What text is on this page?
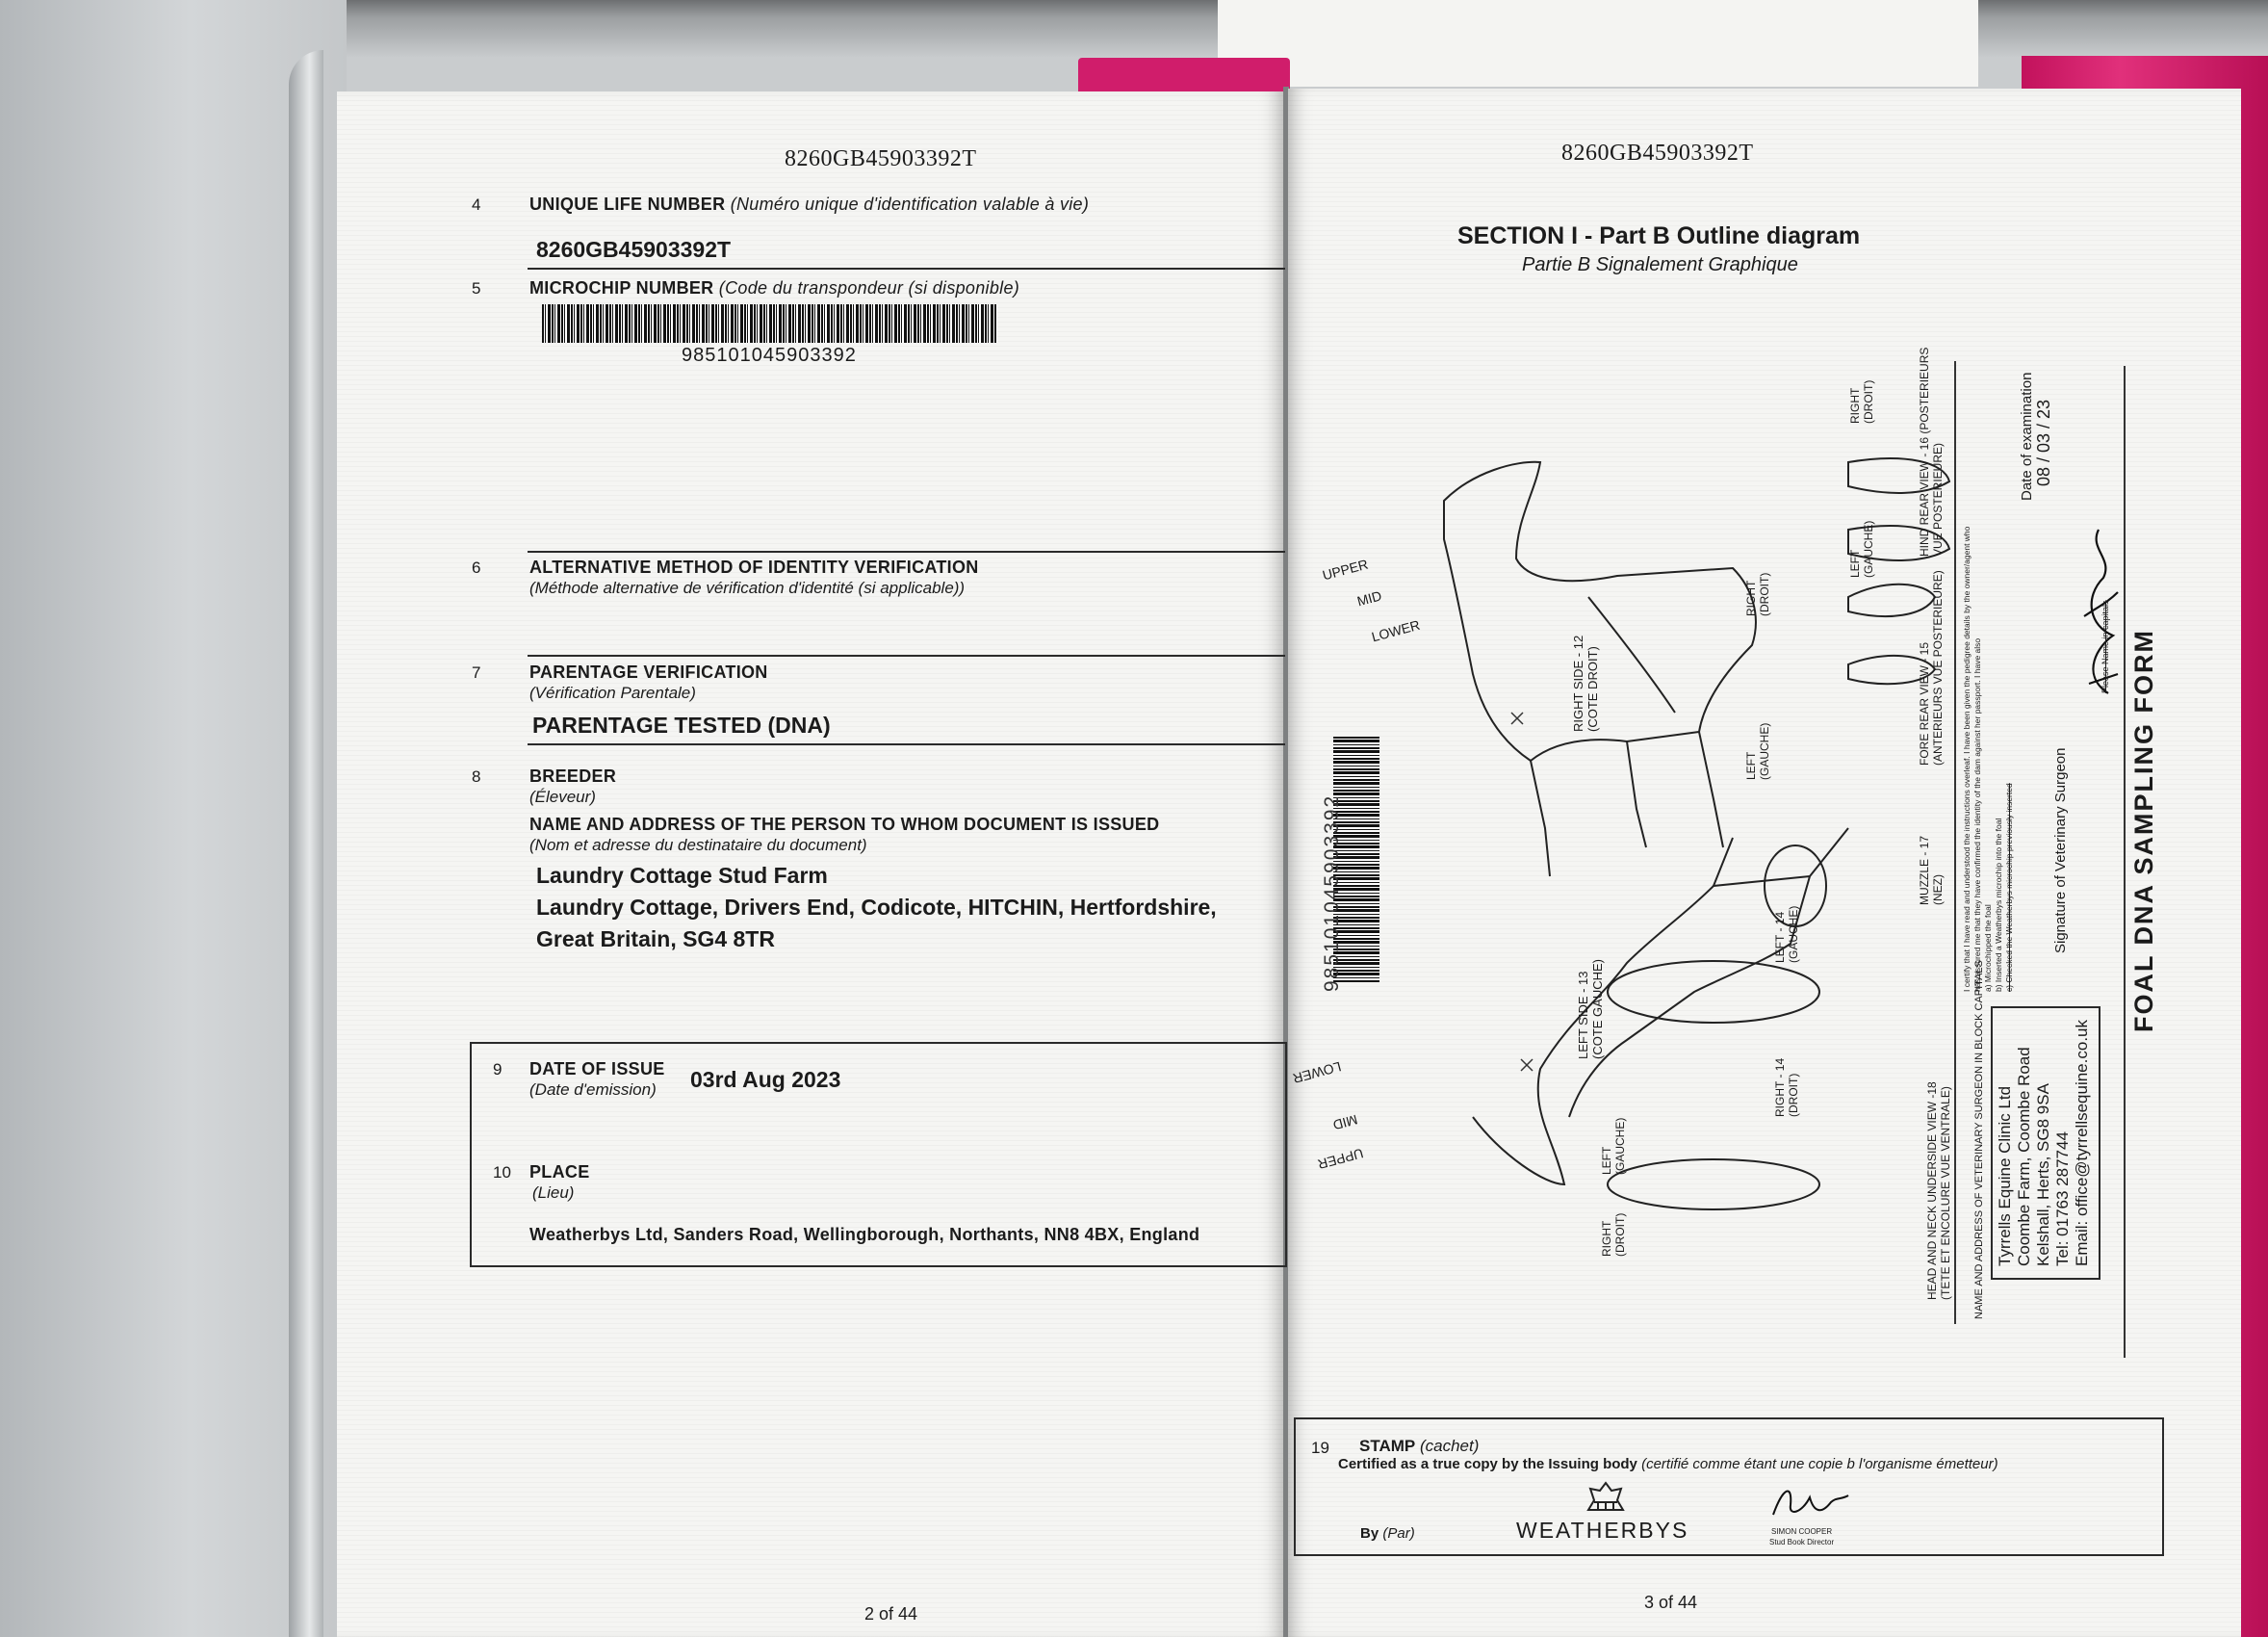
8260GB45903392T
4	UNIQUE LIFE NUMBER (Numéro unique d'identification valable à vie)
8260GB45903392T
5	MICROCHIP NUMBER (Code du transpondeur (si disponible)
985101045903392
6	ALTERNATIVE METHOD OF IDENTITY VERIFICATION
(Méthode alternative de vérification d'identité (si applicable))
7	PARENTAGE VERIFICATION
(Vérification Parentale)
PARENTAGE TESTED (DNA)
8	BREEDER
(Éleveur)
NAME AND ADDRESS OF THE PERSON TO WHOM DOCUMENT IS ISSUED
(Nom et adresse du destinataire du document)
Laundry Cottage Stud Farm
Laundry Cottage, Drivers End, Codicote, HITCHIN, Hertfordshire,
Great Britain, SG4 8TR
9 DATE OF ISSUE
(Date d'emission) 03rd Aug 2023
10 PLACE
(Lieu)
Weatherbys Ltd, Sanders Road, Wellingborough, Northants, NN8 4BX, England
2 of 44
8260GB45903392T
SECTION I - Part B Outline diagram
Partie B Signalement Graphique
985101045903392
UPPER
MID
LOWER
LOWER
MID
UPPER
RIGHT SIDE - 12 (COTE DROIT)
LEFT SIDE - 13 (COTE GAUCHE)
LEFT - 14 (GAUCHE)
RIGHT - 14 (DROIT)
FORE REAR VIEW - 15 (ANTERIEURS VUE POSTERIEURE)
HIND REAR VIEW - 16 (POSTERIEURS VUE POSTERIEURE)
MUZZLE - 17 (NEZ)
HEAD AND NECK UNDERSIDE VIEW -18 (TETE ET ENCOLURE VUE VENTRALE)
RIGHT (DROIT)
LEFT (GAUCHE)
LEFT (GAUCHE)
RIGHT (DROIT)
LEFT (GAUCHE)
RIGHT (DROIT)	NAME AND ADDRESS OF VETERINARY SURGEON IN BLOCK CAPITALS Tyrrells Equine Clinic Ltd Coombe Farm, Coombe Road Kelshall, Herts, SG8 9SA Tel: 01763 287744 Email: office@tyrrellsequine.co.uk
I certify that I have read and understood the instructions overleaf. I have been given the pedigree details by the owner/agent who has assured me that they have confirmed the identity of the dam against her passport. I have also a) Microchipped the foal b) Inserted a Weatherbys microchip into the foal c) Checked the Weatherbys microchip previously inserted	Signature of Veterinary Surgeon
Please Name in capitals
Date of examination 08 / 03 / 23
FOAL DNA SAMPLING FORM
19 STAMP (cachet)
Certified as a true copy by the Issuing body (certifié comme étant une copie b l'organisme émetteur)
By (Par)	WEATHERBYS	SIMON COOPER
Stud Book Director
3 of 44
